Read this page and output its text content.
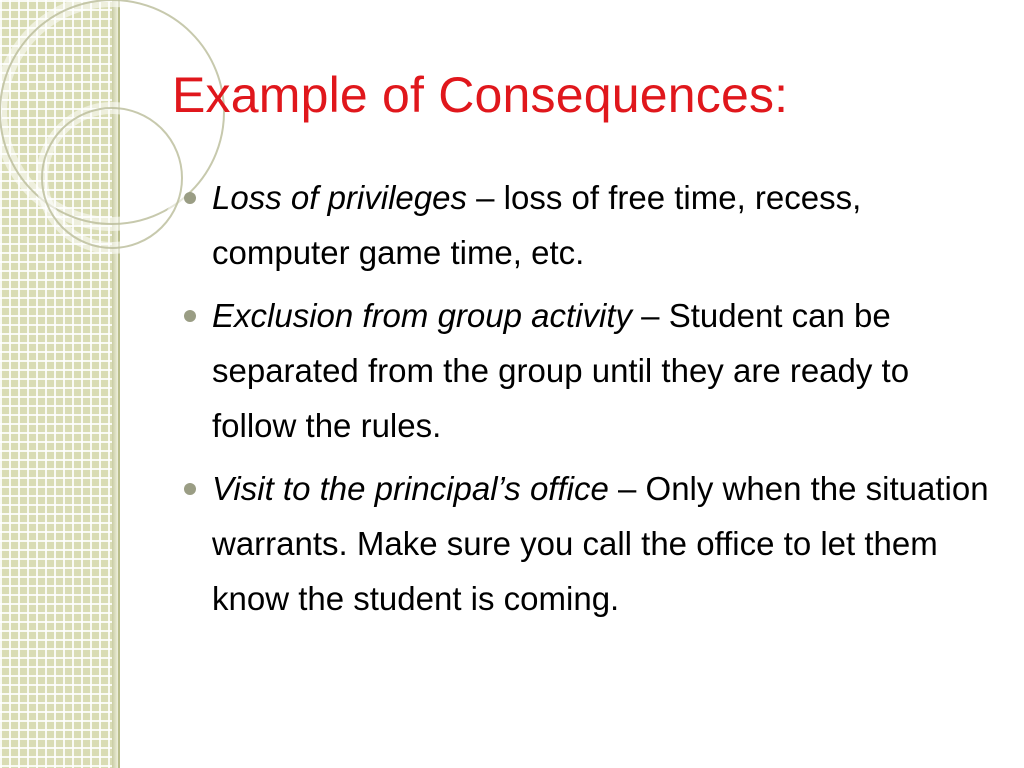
Example of Consequences:
Loss of privileges – loss of free time, recess, computer game time, etc.
Exclusion from group activity – Student can be separated from the group until they are ready to follow the rules.
Visit to the principal’s office – Only when the situation warrants. Make sure you call the office to let them know the student is coming.
